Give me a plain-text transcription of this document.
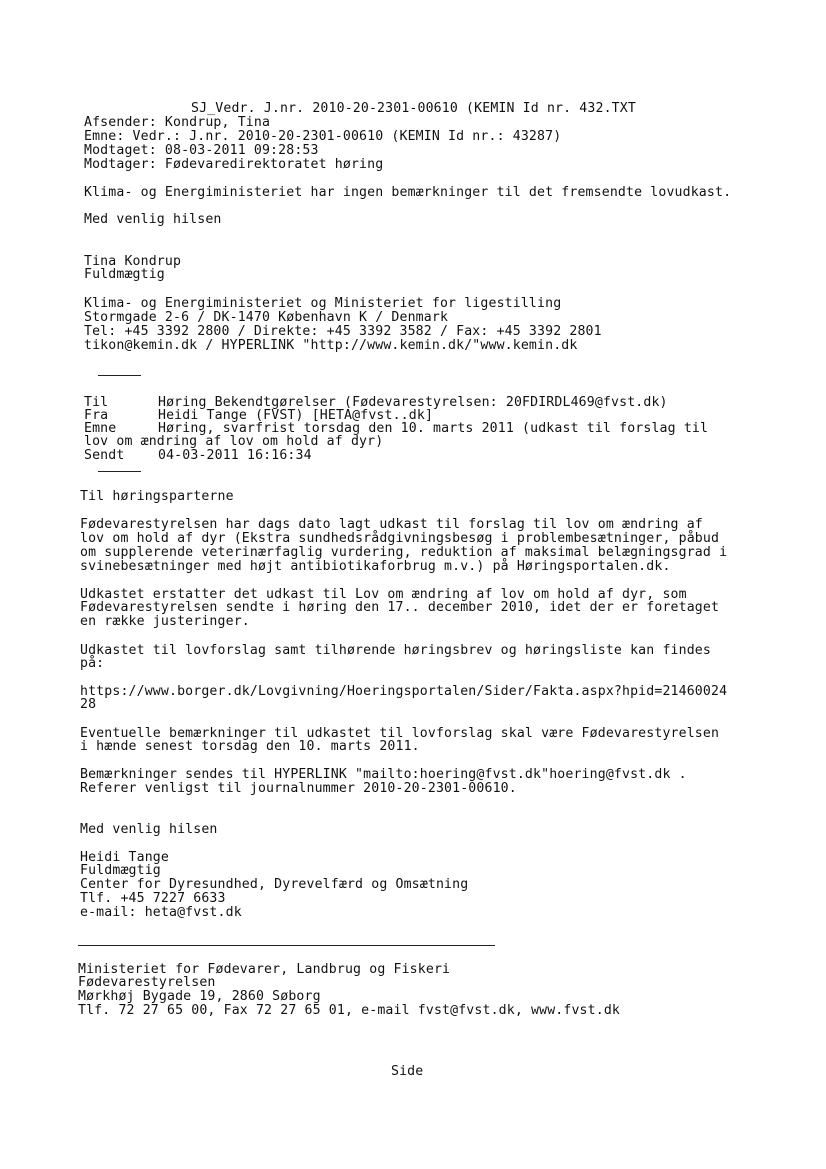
SJ_Vedr. J.nr. 2010-20-2301-00610 (KEMIN Id nr. 432.TXT
Afsender: Kondrup, Tina
Emne: Vedr.: J.nr. 2010-20-2301-00610 (KEMIN Id nr.: 43287)
Modtaget: 08-03-2011 09:28:53
Modtager: Fødevaredirektoratet høring
Klima- og Energiministeriet har ingen bemærkninger til det fremsendte lovudkast.
Med venlig hilsen
Tina Kondrup
Fuldmægtig
Klima- og Energiministeriet og Ministeriet for ligestilling
Stormgade 2-6 / DK-1470 København K / Denmark
Tel: +45 3392 2800 / Direkte: +45 3392 3582 / Fax: +45 3392 2801
tikon@kemin.dk / HYPERLINK "http://www.kemin.dk/"www.kemin.dk
Til	Høring Bekendtgørelser (Fødevarestyrelsen: 20FDIRDL469@fvst.dk)
Fra	Heidi Tange (FVST) [HETA@fvst..dk]
Emne	Høring, svarfrist torsdag den 10. marts 2011 (udkast til forslag til
lov om ændring af lov om hold af dyr)
Sendt	04-03-2011 16:16:34
Til høringsparterne
Fødevarestyrelsen har dags dato lagt udkast til forslag til lov om ændring af
lov om hold af dyr (Ekstra sundhedsrådgivningsbesøg i problembesætninger, påbud
om supplerende veterinærfaglig vurdering, reduktion af maksimal belægningsgrad i
svinebesætninger med højt antibiotikaforbrug m.v.) på Høringsportalen.dk.
Udkastet erstatter det udkast til Lov om ændring af lov om hold af dyr, som
Fødevarestyrelsen sendte i høring den 17.. december 2010, idet der er foretaget
en række justeringer.
Udkastet til lovforslag samt tilhørende høringsbrev og høringsliste kan findes
på:
https://www.borger.dk/Lovgivning/Hoeringsportalen/Sider/Fakta.aspx?hpid=21460024
28
Eventuelle bemærkninger til udkastet til lovforslag skal være Fødevarestyrelsen
i hænde senest torsdag den 10. marts 2011.
Bemærkninger sendes til HYPERLINK "mailto:hoering@fvst.dk"hoering@fvst.dk .
Referer venligst til journalnummer 2010-20-2301-00610.
Med venlig hilsen
Heidi Tange
Fuldmægtig
Center for Dyresundhed, Dyrevelfærd og Omsætning
Tlf. +45 7227 6633
e-mail: heta@fvst.dk
Ministeriet for Fødevarer, Landbrug og Fiskeri
Fødevarestyrelsen
Mørkhøj Bygade 19, 2860 Søborg
Tlf. 72 27 65 00, Fax 72 27 65 01, e-mail fvst@fvst.dk, www.fvst.dk
Side
